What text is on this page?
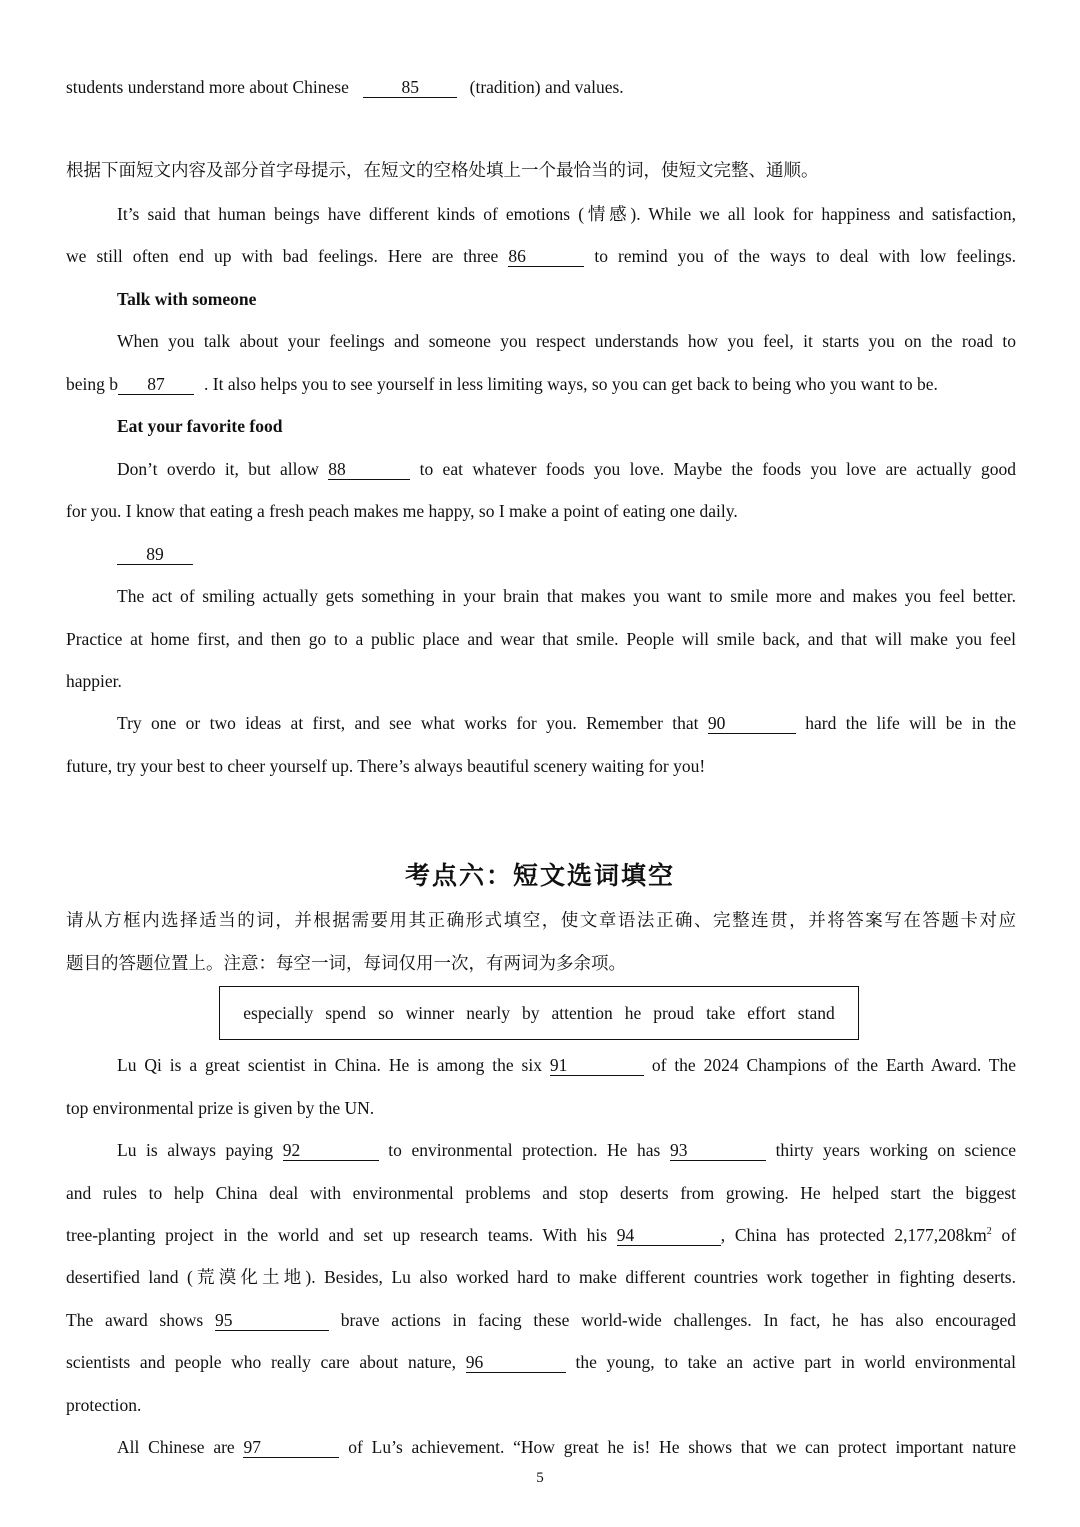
students understand more about Chinese	85	(tradition) and values.
根据下面短文内容及部分首字母提示，在短文的空格处填上一个最恰当的词，使短文完整、通顺。
It’s said that human beings have different kinds of emotions (情感). While we all look for happiness and satisfaction,
we still often end up with bad feelings. Here are three 86	to remind you of the ways to deal with low feelings.
Talk with someone
When you talk about your feelings and someone you respect understands how you feel, it starts you on the road to
being b 87 . It also helps you to see yourself in less limiting ways, so you can get back to being who you want to be.
Eat your favorite food
Don’t overdo it, but allow 88	to eat whatever foods you love. Maybe the foods you love are actually good
for you. I know that eating a fresh peach makes me happy, so I make a point of eating one daily.
89
The act of smiling actually gets something in your brain that makes you want to smile more and makes you feel better.
Practice at home first, and then go to a public place and wear that smile. People will smile back, and that will make you feel
happier.
Try one or two ideas at first, and see what works for you. Remember that 90	hard the life will be in the
future, try your best to cheer yourself up. There’s always beautiful scenery waiting for you!
考点六：短文选词填空
请从方框内选择适当的词，并根据需要用其正确形式填空，使文章语法正确、完整连贯，并将答案写在答题卡对应
题目的答题位置上。注意：每空一词，每词仅用一次，有两词为多余项。
especially spend so winner nearly by attention he proud take effort stand
Lu Qi is a great scientist in China. He is among the six 91	of the 2024 Champions of the Earth Award. The
top environmental prize is given by the UN.
Lu is always paying 92	to environmental protection. He has 93	thirty years working on science
and rules to help China deal with environmental problems and stop deserts from growing. He helped start the biggest
tree-planting project in the world and set up research teams. With his 94	, China has protected $2,177,208km^2$ of
desertified land (荒漠化土地). Besides, Lu also worked hard to make different countries work together in fighting deserts.
The award shows 95	brave actions in facing these world-wide challenges. In fact, he has also encouraged
scientists and people who really care about nature, 96	the young, to take an active part in world environmental
protection.
All Chinese are 97	of Lu’s achievement. “How great he is! He shows that we can protect important nature
5
